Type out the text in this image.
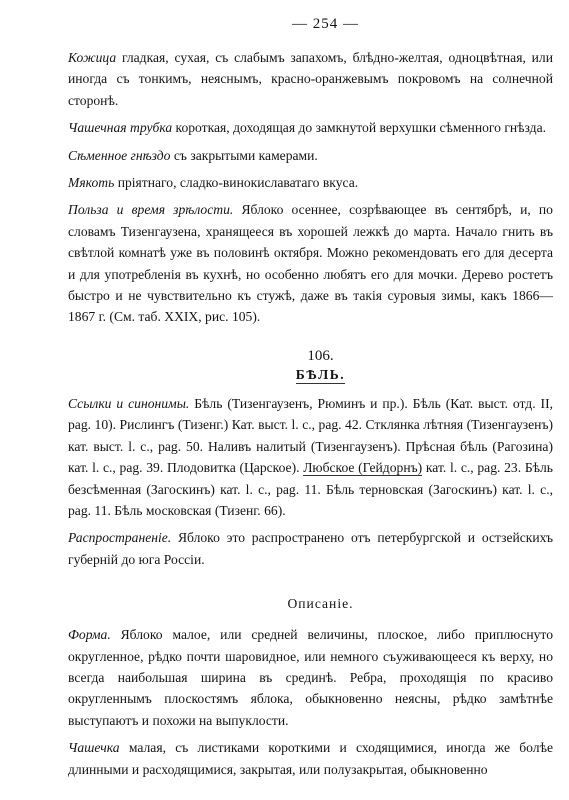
— 254 —

Кожица гладкая, сухая, съ слабымъ запахомъ, блѣдно-желтая, одноцвѣтная, или иногда съ тонкимъ, неяснымъ, красно-оранжевымъ покровомъ на солнечной сторонѣ.

Чашечная трубка короткая, доходящая до замкнутой верхушки сѣменного гнѣзда.

Сѣменное гнѣздо съ закрытыми камерами.

Мякоть пріятнаго, сладко-винокиславатаго вкуса.

Польза и время зрѣлости. Яблоко осеннее, созрѣвающее въ сентябрѣ, и, по словамъ Тизенгаузена, хранящееся въ хорошей лежкѣ до марта. Начало гнить въ свѣтлой комнатѣ уже въ половинѣ октября. Можно рекомендовать его для десерта и для употребленія въ кухнѣ, но особенно любятъ его для мочки. Дерево ростетъ быстро и не чувствительно къ стужѣ, даже въ такія суровыя зимы, какъ 1866—1867 г. (См. таб. XXIX, рис. 105).

106.
БѢЛЬ.

Ссылки и синонимы. Бѣль (Тизенгаузенъ, Рюминъ и пр.). Бѣль (Кат. выст. отд. II, pag. 10). Рислингъ (Тизенг.) Кат. выст. l. c., pag. 42. Стклянка лѣтняя (Тизенгаузенъ) кат. выст. l. c., pag. 50. Наливъ налитый (Тизенгаузенъ). Прѣсная бѣль (Рагозина) кат. l. c., pag. 39. Плодовитка (Царское). Любское (Гейдорнъ) кат. l. c., pag. 23. Бѣль безсѣменная (Загоскинъ) кат. l. c., pag. 11. Бѣль терновская (Загоскинъ) кат. l. c., pag. 11. Бѣль московская (Тизенг. 66).

Распространеніе. Яблоко это распространено отъ петербургской и остзейскихъ губерній до юга Россіи.

Описаніе.

Форма. Яблоко малое, или средней величины, плоское, либо приплюснуто округленное, рѣдко почти шаровидное, или немного съуживающееся къ верху, но всегда наибольшая ширина въ срединѣ. Ребра, проходящія по красиво округленнымъ плоскостямъ яблока, обыкновенно неясны, рѣдко замѣтнѣе выступаютъ и похожи на выпуклости.

Чашечка малая, съ листиками короткими и сходящимися, иногда же болѣе длинными и расходящимися, закрытая, или полузакрытая, обыкновенно
